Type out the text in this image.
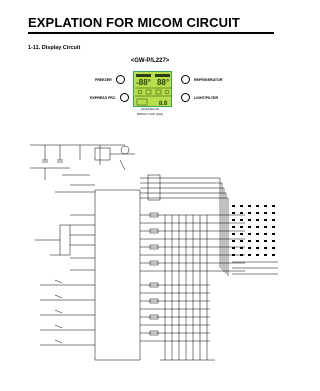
EXPLATION FOR MICOM CIRCUIT
1-11. Display Circuit
<GW-P/L227>
FREEZER
EXPRESS FRZ.
REFRIGERATOR
LIGHT/FILTER
-88° 88°
8.8
LOCK/UNLOCK
DISPLAY LOCK (3sec)
